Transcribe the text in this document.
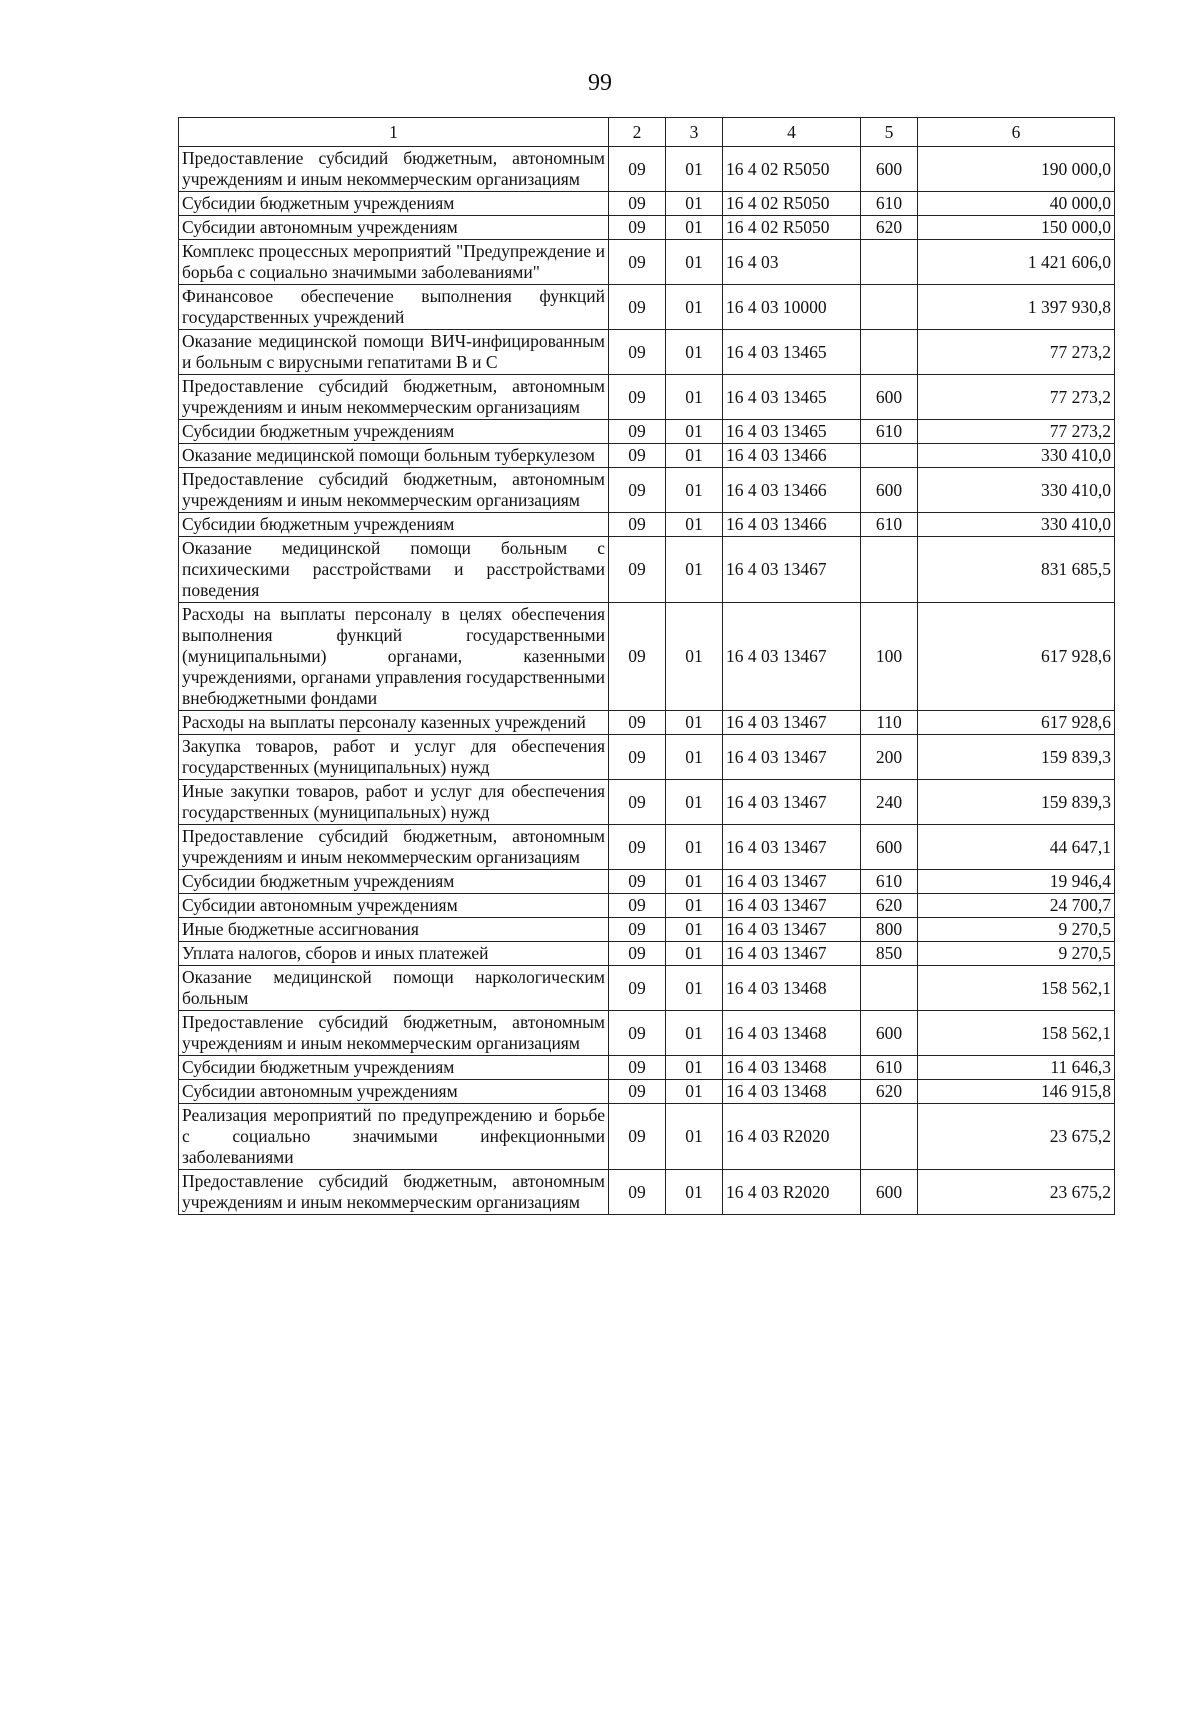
99
1	2	3	4	5	6
Предоставление субсидий бюджетным, автономным учреждениям и иным некоммерческим организациям	09	01	16 4 02 R5050	600	190 000,0
Субсидии бюджетным учреждениям	09	01	16 4 02 R5050	610	40 000,0
Субсидии автономным учреждениям	09	01	16 4 02 R5050	620	150 000,0
Комплекс процессных мероприятий "Предупреждение и борьба с социально значимыми заболеваниями"	09	01	16 4 03		1 421 606,0
Финансовое обеспечение выполнения функций государственных учреждений	09	01	16 4 03 10000		1 397 930,8
Оказание медицинской помощи ВИЧ-инфицированным и больным с вирусными гепатитами В и С	09	01	16 4 03 13465		77 273,2
Предоставление субсидий бюджетным, автономным учреждениям и иным некоммерческим организациям	09	01	16 4 03 13465	600	77 273,2
Субсидии бюджетным учреждениям	09	01	16 4 03 13465	610	77 273,2
Оказание медицинской помощи больным туберкулезом	09	01	16 4 03 13466		330 410,0
Предоставление субсидий бюджетным, автономным учреждениям и иным некоммерческим организациям	09	01	16 4 03 13466	600	330 410,0
Субсидии бюджетным учреждениям	09	01	16 4 03 13466	610	330 410,0
Оказание медицинской помощи больным с психическими расстройствами и расстройствами поведения	09	01	16 4 03 13467		831 685,5
Расходы на выплаты персоналу в целях обеспечения выполнения функций государственными (муниципальными) органами, казенными учреждениями, органами управления государственными внебюджетными фондами	09	01	16 4 03 13467	100	617 928,6
Расходы на выплаты персоналу казенных учреждений	09	01	16 4 03 13467	110	617 928,6
Закупка товаров, работ и услуг для обеспечения государственных (муниципальных) нужд	09	01	16 4 03 13467	200	159 839,3
Иные закупки товаров, работ и услуг для обеспечения государственных (муниципальных) нужд	09	01	16 4 03 13467	240	159 839,3
Предоставление субсидий бюджетным, автономным учреждениям и иным некоммерческим организациям	09	01	16 4 03 13467	600	44 647,1
Субсидии бюджетным учреждениям	09	01	16 4 03 13467	610	19 946,4
Субсидии автономным учреждениям	09	01	16 4 03 13467	620	24 700,7
Иные бюджетные ассигнования	09	01	16 4 03 13467	800	9 270,5
Уплата налогов, сборов и иных платежей	09	01	16 4 03 13467	850	9 270,5
Оказание медицинской помощи наркологическим больным	09	01	16 4 03 13468		158 562,1
Предоставление субсидий бюджетным, автономным учреждениям и иным некоммерческим организациям	09	01	16 4 03 13468	600	158 562,1
Субсидии бюджетным учреждениям	09	01	16 4 03 13468	610	11 646,3
Субсидии автономным учреждениям	09	01	16 4 03 13468	620	146 915,8
Реализация мероприятий по предупреждению и борьбе с социально значимыми инфекционными заболеваниями	09	01	16 4 03 R2020		23 675,2
Предоставление субсидий бюджетным, автономным учреждениям и иным некоммерческим организациям	09	01	16 4 03 R2020	600	23 675,2
